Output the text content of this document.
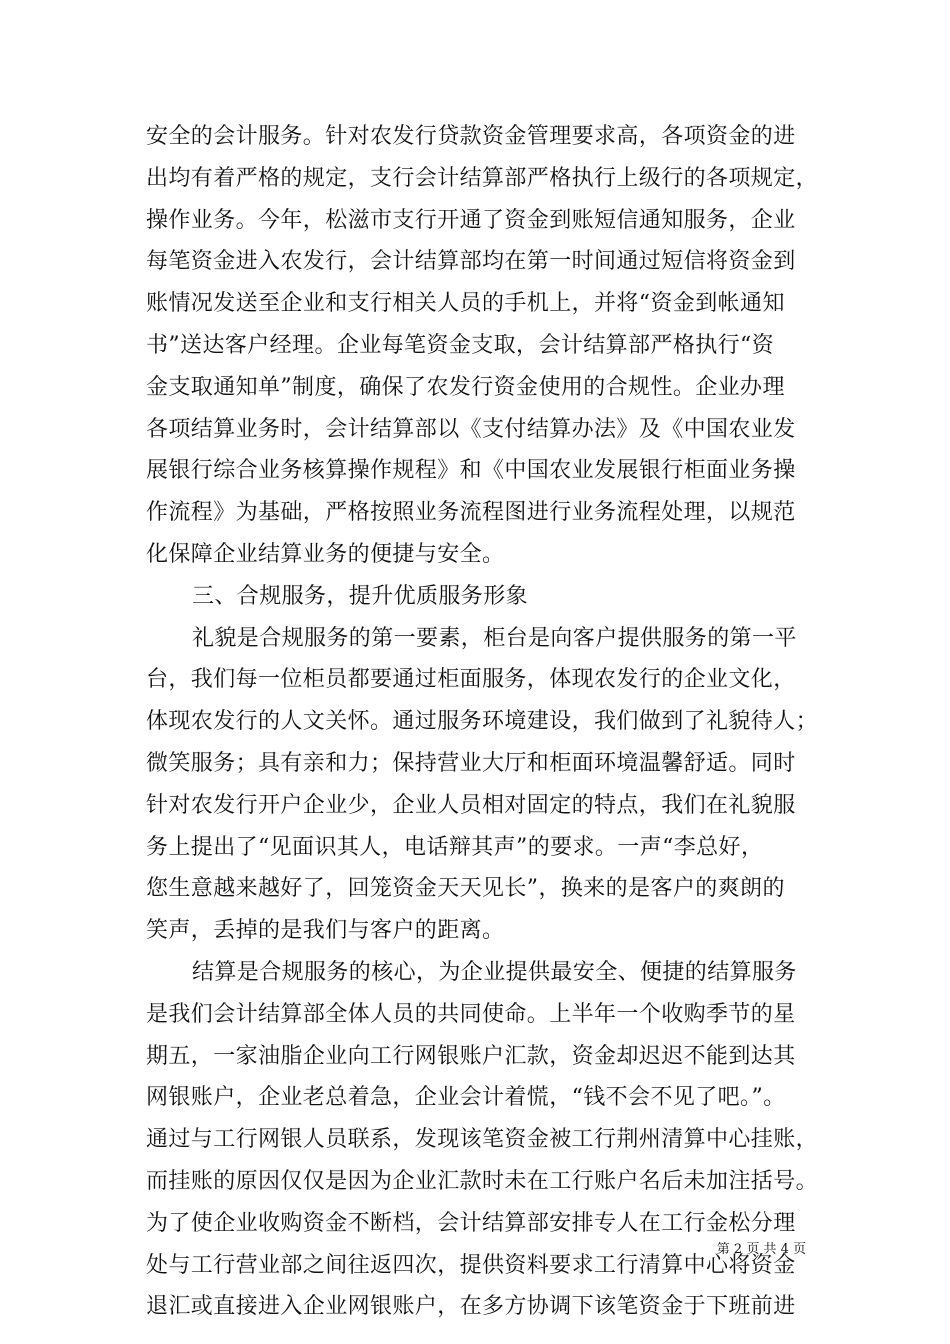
安全的会计服务。针对农发行贷款资金管理要求高，各项资金的进
出均有着严格的规定，支行会计结算部严格执行上级行的各项规定，
操作业务。今年，松滋市支行开通了资金到账短信通知服务，企业
每笔资金进入农发行，会计结算部均在第一时间通过短信将资金到
账情况发送至企业和支行相关人员的手机上，并将“资金到帐通知
书”送达客户经理。企业每笔资金支取，会计结算部严格执行“资
金支取通知单”制度，确保了农发行资金使用的合规性。企业办理
各项结算业务时，会计结算部以《支付结算办法》及《中国农业发
展银行综合业务核算操作规程》和《中国农业发展银行柜面业务操
作流程》为基础，严格按照业务流程图进行业务流程处理，以规范
化保障企业结算业务的便捷与安全。
三、合规服务，提升优质服务形象
礼貌是合规服务的第一要素，柜台是向客户提供服务的第一平
台，我们每一位柜员都要通过柜面服务，体现农发行的企业文化，
体现农发行的人文关怀。通过服务环境建设，我们做到了礼貌待人；
微笑服务；具有亲和力；保持营业大厅和柜面环境温馨舒适。同时
针对农发行开户企业少，企业人员相对固定的特点，我们在礼貌服
务上提出了“见面识其人，电话辩其声”的要求。一声“李总好，
您生意越来越好了，回笼资金天天见长”，换来的是客户的爽朗的
笑声，丢掉的是我们与客户的距离。
结算是合规服务的核心，为企业提供最安全、便捷的结算服务
是我们会计结算部全体人员的共同使命。上半年一个收购季节的星
期五，一家油脂企业向工行网银账户汇款，资金却迟迟不能到达其
网银账户，企业老总着急，企业会计着慌，“钱不会不见了吧。”。
通过与工行网银人员联系，发现该笔资金被工行荆州清算中心挂账，
而挂账的原因仅仅是因为企业汇款时未在工行账户名后未加注括号。
为了使企业收购资金不断档，会计结算部安排专人在工行金松分理
处与工行营业部之间往返四次，提供资料要求工行清算中心将资金
退汇或直接进入企业网银账户，在多方协调下该笔资金于下班前进
第 2 页 共 4 页
